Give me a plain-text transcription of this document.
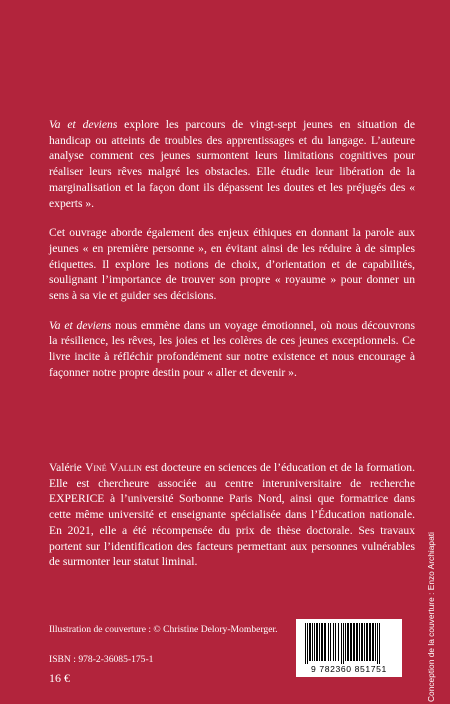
Va et deviens explore les parcours de vingt-sept jeunes en situation de handicap ou atteints de troubles des apprentissages et du langage. L’auteure analyse comment ces jeunes surmontent leurs limitations cognitives pour réaliser leurs rêves malgré les obstacles. Elle étudie leur libération de la marginalisation et la façon dont ils dépassent les doutes et les préjugés des « experts ».

Cet ouvrage aborde également des enjeux éthiques en donnant la parole aux jeunes « en première personne », en évitant ainsi de les réduire à de simples étiquettes. Il explore les notions de choix, d’orientation et de capabilités, soulignant l’importance de trouver son propre « royaume » pour donner un sens à sa vie et guider ses décisions.

Va et deviens nous emmène dans un voyage émotionnel, où nous découvrons la résilience, les rêves, les joies et les colères de ces jeunes exceptionnels. Ce livre incite à réfléchir profondément sur notre existence et nous encourage à façonner notre propre destin pour « aller et devenir ».

Valérie Viné Vallin est docteure en sciences de l’éducation et de la formation. Elle est chercheure associée au centre interuniversitaire de recherche EXPERICE à l’université Sorbonne Paris Nord, ainsi que formatrice dans cette même université et enseignante spécialisée dans l’Éducation nationale. En 2021, elle a été récompensée du prix de thèse doctorale. Ses travaux portent sur l’identification des facteurs permettant aux personnes vulnérables de surmonter leur statut liminal.

Illustration de couverture : © Christine Delory-Momberger.
ISBN : 978-2-36085-175-1
16 €	Conception de la couverture : Enzo Archiapati
9 782360 851751
